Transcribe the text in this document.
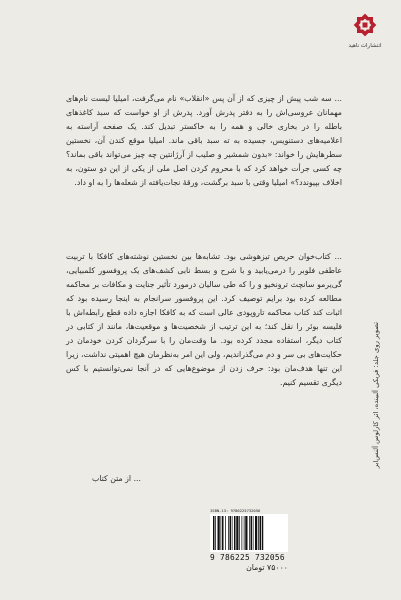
انتشارات ناهید
... سه شب پیش از چیزی که از آن پس «انقلاب» نام می‌گرفت، امیلیا لیست نام‌های مهمانان عروسی‌اش را به دفتر پدرش آورد. پدرش از او خواست که سبد کاغذهای باطله را در بخاری خالی و همه را به خاکستر تبدیل کند. یک صفحه آراسته به اعلامیه‌های دستنویس، جسیده به ته سبد باقی ماند. امیلیا موقع کندن آن، نخستین سطرهایش را خواند: «بدون شمشیر و صلیب از آرژانتین چه چیز می‌تواند باقی بماند؟ چه کسی جرأت خواهد کرد که با محروم کردن اصل ملی از یکی از این دو ستون، به اخلاف بپیوندد؟» امیلیا وقتی با سبد برگشت، ورقهٔ نجات‌یافته از شعله‌ها را به او داد.
... کتاب‌خوان حریص تیزهوشی بود. تشابه‌ها بین نخستین نوشته‌های کافکا با تربیت عاطفی فلوبر را درمی‌یابید و با شرح و بسط نابی کشف‌های یک پروفسور کلمبیایی، گی‌یرمو سانچث ترونخیو و را که طی سالیان درمورد تأثیر جنایت و مکافات بر محاکمه مطالعه کرده بود برایم توصیف کرد. این پروفسور سرانجام به اینجا رسیده بود که اثبات کند کتاب محاکمه تاروپودی عالی است که به کافکا اجازه داده قطع رابطه‌اش با فلیسه بوئر را نقل کند؛ به این ترتیب از شخصیت‌ها و موقعیت‌ها، مانند از کتابی در کتاب دیگر، استفاده مجدد کرده بود. ما وقت‌مان را با سرگردان کردن خودمان در حکایت‌های بی سر و دم می‌گذراندیم، ولی این امر به‌نظرمان هیچ اهمیتی نداشت، زیرا این تنها هدف‌مان بود: حرف زدن از موضوع‌هایی که در آنجا نمی‌توانستیم با کس دیگری تقسیم کنیم.
... از متن کتاب
تصویر روی جلد: فریکی آلبینده، اثر کارلوس آلنس‌ابر
ISBN-13: 9786225732056
9 786225 732056
۷۵۰۰۰ تومان
